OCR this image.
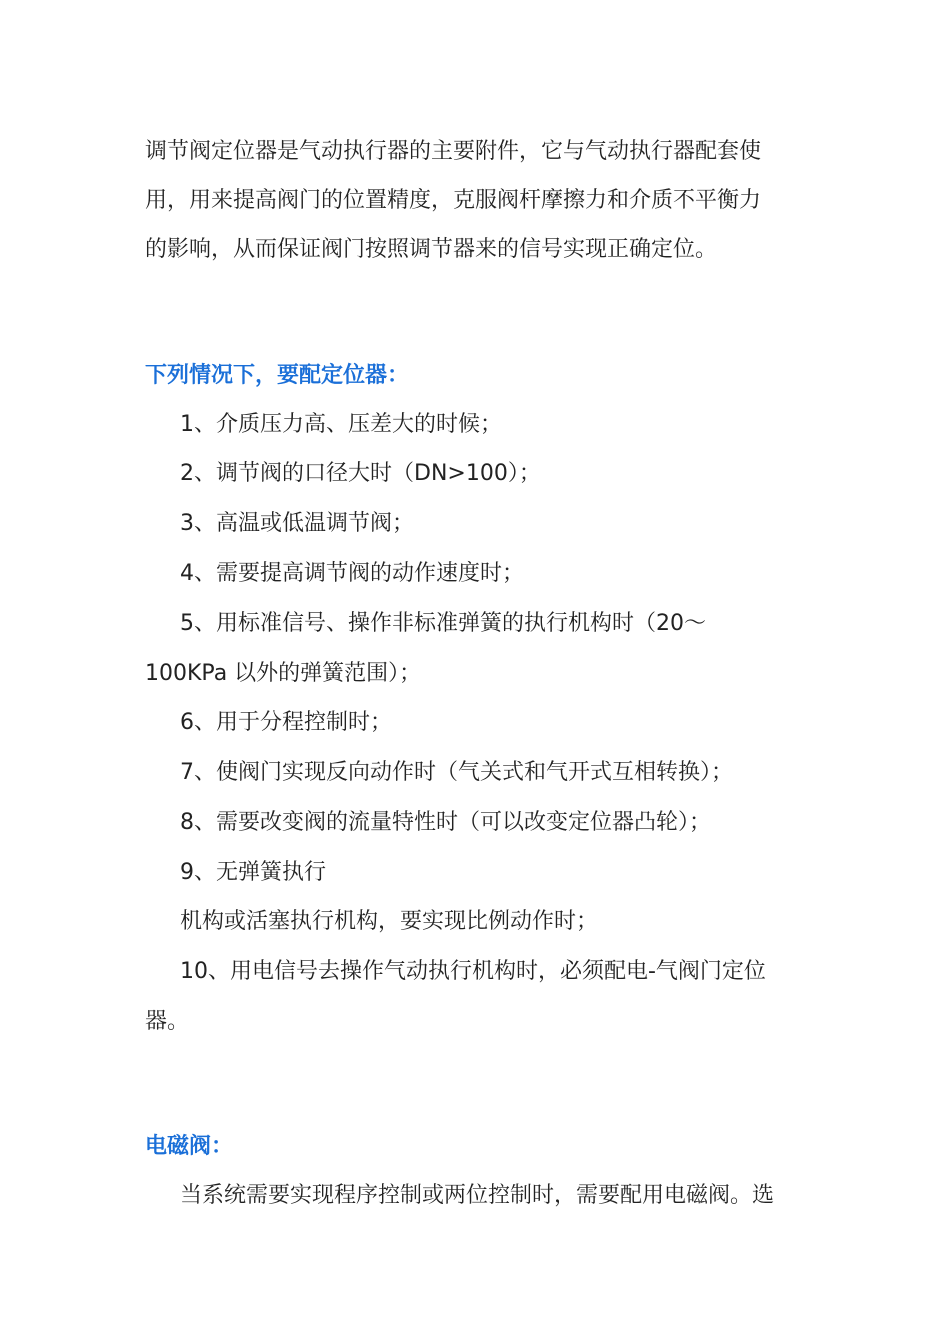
调节阀定位器是气动执行器的主要附件，它与气动执行器配套使
用，用来提高阀门的位置精度，克服阀杆摩擦力和介质不平衡力
的影响，从而保证阀门按照调节器来的信号实现正确定位。
下列情况下，要配定位器：
1、介质压力高、压差大的时候；
2、调节阀的口径大时（DN>100）；
3、高温或低温调节阀；
4、需要提高调节阀的动作速度时；
5、用标准信号、操作非标准弹簧的执行机构时（20～
100KPa 以外的弹簧范围）；
6、用于分程控制时；
7、使阀门实现反向动作时（气关式和气开式互相转换）；
8、需要改变阀的流量特性时（可以改变定位器凸轮）；
9、无弹簧执行
机构或活塞执行机构，要实现比例动作时；
10、用电信号去操作气动执行机构时，必须配电-气阀门定位
器。
电磁阀：
当系统需要实现程序控制或两位控制时，需要配用电磁阀。选
